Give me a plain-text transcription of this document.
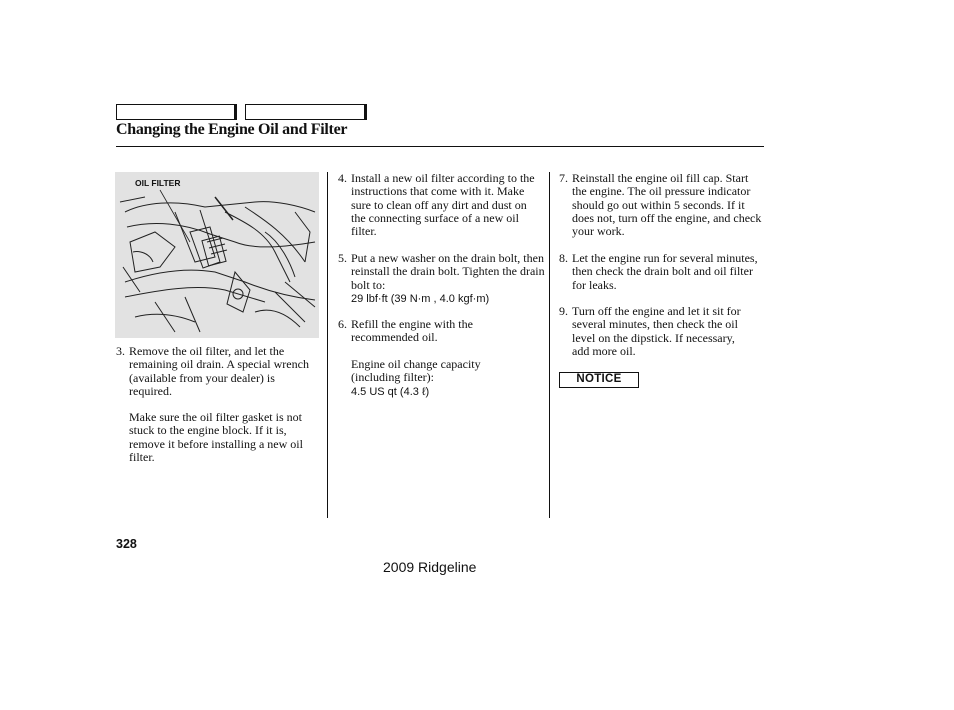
Changing the Engine Oil and Filter
OIL FILTER
3. Remove the oil filter, and let the remaining oil drain. A special wrench (available from your dealer) is required.
Make sure the oil filter gasket is not stuck to the engine block. If it is, remove it before installing a new oil filter.
4. Install a new oil filter according to the instructions that come with it. Make sure to clean off any dirt and dust on the connecting surface of a new oil filter.
5. Put a new washer on the drain bolt, then reinstall the drain bolt. Tighten the drain bolt to:
29 lbf·ft (39 N·m , 4.0 kgf·m)
6. Refill the engine with the recommended oil.
Engine oil change capacity (including filter):
4.5 US qt (4.3 ℓ)
7. Reinstall the engine oil fill cap. Start the engine. The oil pressure indicator should go out within 5 seconds. If it does not, turn off the engine, and check your work.
8. Let the engine run for several minutes, then check the drain bolt and oil filter for leaks.
9. Turn off the engine and let it sit for several minutes, then check the oil level on the dipstick. If necessary, add more oil.
NOTICE
328
2009 Ridgeline
